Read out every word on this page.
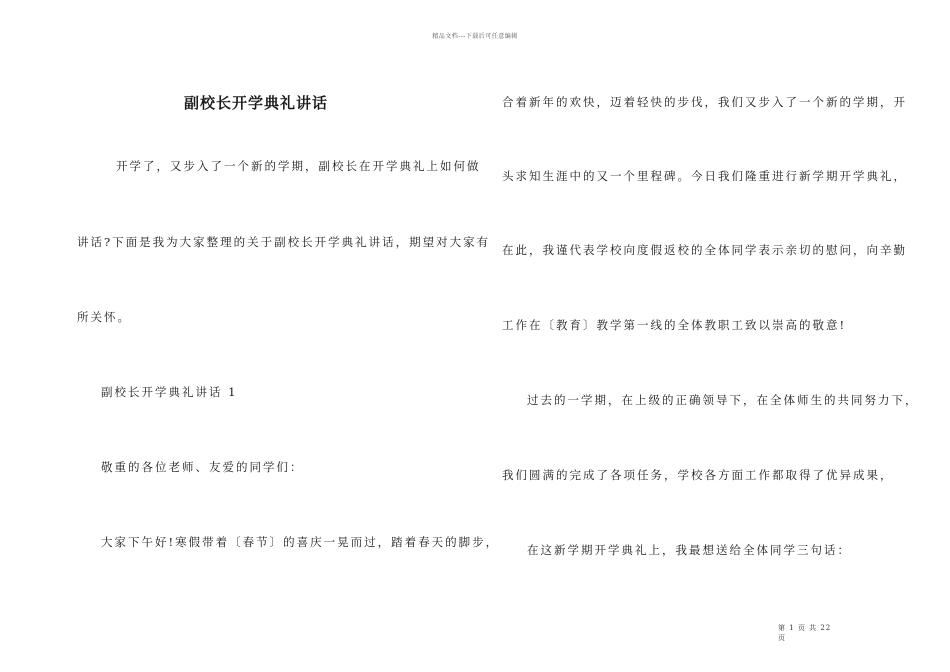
精品文档---下载后可任意编辑
副校长开学典礼讲话
开学了，又步入了一个新的学期，副校长在开学典礼上如何做
讲话?下面是我为大家整理的关于副校长开学典礼讲话，期望对大家有
所关怀。
副校长开学典礼讲话 1
敬重的各位老师、友爱的同学们：
大家下午好!寒假带着〔春节〕的喜庆一晃而过，踏着春天的脚步，
合着新年的欢快，迈着轻快的步伐，我们又步入了一个新的学期，开
头求知生涯中的又一个里程碑。今日我们隆重进行新学期开学典礼，
在此，我谨代表学校向度假返校的全体同学表示亲切的慰问，向辛勤
工作在〔教育〕教学第一线的全体教职工致以崇高的敬意!
过去的一学期，在上级的正确领导下，在全体师生的共同努力下，
我们圆满的完成了各项任务，学校各方面工作都取得了优异成果，
在这新学期开学典礼上，我最想送给全体同学三句话：
第 1 页 共 22
页
